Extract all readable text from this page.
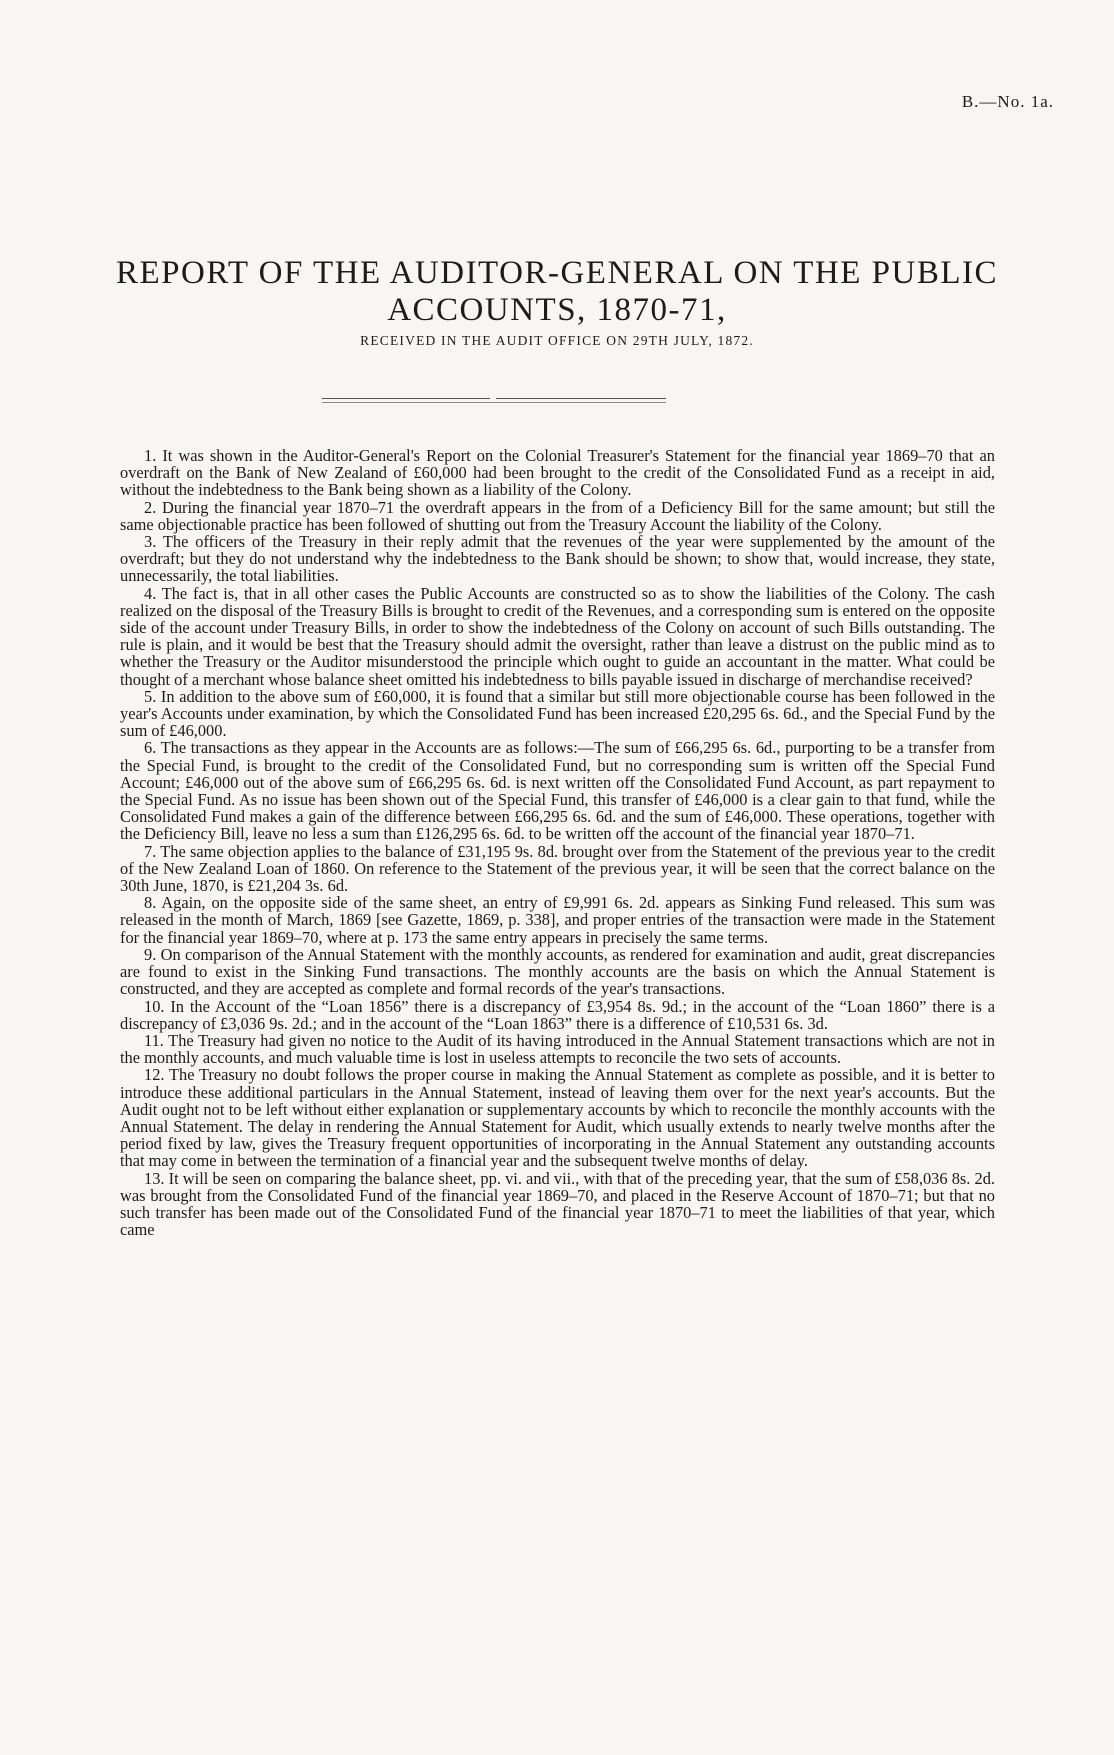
B.—No. 1a.
REPORT OF THE AUDITOR-GENERAL ON THE PUBLIC
ACCOUNTS, 1870-71,
RECEIVED IN THE AUDIT OFFICE ON 29TH JULY, 1872.

1. It was shown in the Auditor-General's Report on the Colonial Treasurer's Statement for the financial year 1869–70 that an overdraft on the Bank of New Zealand of £60,000 had been brought to the credit of the Consolidated Fund as a receipt in aid, without the indebtedness to the Bank being shown as a liability of the Colony.

2. During the financial year 1870–71 the overdraft appears in the from of a Deficiency Bill for the same amount; but still the same objectionable practice has been followed of shutting out from the Treasury Account the liability of the Colony.

3. The officers of the Treasury in their reply admit that the revenues of the year were supplemented by the amount of the overdraft; but they do not understand why the indebtedness to the Bank should be shown; to show that, would increase, they state, unnecessarily, the total liabilities.

4. The fact is, that in all other cases the Public Accounts are constructed so as to show the liabilities of the Colony. The cash realized on the disposal of the Treasury Bills is brought to credit of the Revenues, and a corresponding sum is entered on the opposite side of the account under Treasury Bills, in order to show the indebtedness of the Colony on account of such Bills outstanding. The rule is plain, and it would be best that the Treasury should admit the oversight, rather than leave a distrust on the public mind as to whether the Treasury or the Auditor misunderstood the principle which ought to guide an accountant in the matter. What could be thought of a merchant whose balance sheet omitted his indebtedness to bills payable issued in discharge of merchandise received?

5. In addition to the above sum of £60,000, it is found that a similar but still more objectionable course has been followed in the year's Accounts under examination, by which the Consolidated Fund has been increased £20,295 6s. 6d., and the Special Fund by the sum of £46,000.

6. The transactions as they appear in the Accounts are as follows:—The sum of £66,295 6s. 6d., purporting to be a transfer from the Special Fund, is brought to the credit of the Consolidated Fund, but no corresponding sum is written off the Special Fund Account; £46,000 out of the above sum of £66,295 6s. 6d. is next written off the Consolidated Fund Account, as part repayment to the Special Fund. As no issue has been shown out of the Special Fund, this transfer of £46,000 is a clear gain to that fund, while the Consolidated Fund makes a gain of the difference between £66,295 6s. 6d. and the sum of £46,000. These operations, together with the Deficiency Bill, leave no less a sum than £126,295 6s. 6d. to be written off the account of the financial year 1870–71.

7. The same objection applies to the balance of £31,195 9s. 8d. brought over from the Statement of the previous year to the credit of the New Zealand Loan of 1860. On reference to the Statement of the previous year, it will be seen that the correct balance on the 30th June, 1870, is £21,204 3s. 6d.

8. Again, on the opposite side of the same sheet, an entry of £9,991 6s. 2d. appears as Sinking Fund released. This sum was released in the month of March, 1869 [see Gazette, 1869, p. 338], and proper entries of the transaction were made in the Statement for the financial year 1869–70, where at p. 173 the same entry appears in precisely the same terms.

9. On comparison of the Annual Statement with the monthly accounts, as rendered for examination and audit, great discrepancies are found to exist in the Sinking Fund transactions. The monthly accounts are the basis on which the Annual Statement is constructed, and they are accepted as complete and formal records of the year's transactions.

10. In the Account of the “Loan 1856” there is a discrepancy of £3,954 8s. 9d.; in the account of the “Loan 1860” there is a discrepancy of £3,036 9s. 2d.; and in the account of the “Loan 1863” there is a difference of £10,531 6s. 3d.

11. The Treasury had given no notice to the Audit of its having introduced in the Annual Statement transactions which are not in the monthly accounts, and much valuable time is lost in useless attempts to reconcile the two sets of accounts.

12. The Treasury no doubt follows the proper course in making the Annual Statement as complete as possible, and it is better to introduce these additional particulars in the Annual Statement, instead of leaving them over for the next year's accounts. But the Audit ought not to be left without either explanation or supplementary accounts by which to reconcile the monthly accounts with the Annual Statement. The delay in rendering the Annual Statement for Audit, which usually extends to nearly twelve months after the period fixed by law, gives the Treasury frequent opportunities of incorporating in the Annual Statement any outstanding accounts that may come in between the termination of a financial year and the subsequent twelve months of delay.

13. It will be seen on comparing the balance sheet, pp. vi. and vii., with that of the preceding year, that the sum of £58,036 8s. 2d. was brought from the Consolidated Fund of the financial year 1869–70, and placed in the Reserve Account of 1870–71; but that no such transfer has been made out of the Consolidated Fund of the financial year 1870–71 to meet the liabilities of that year, which came
